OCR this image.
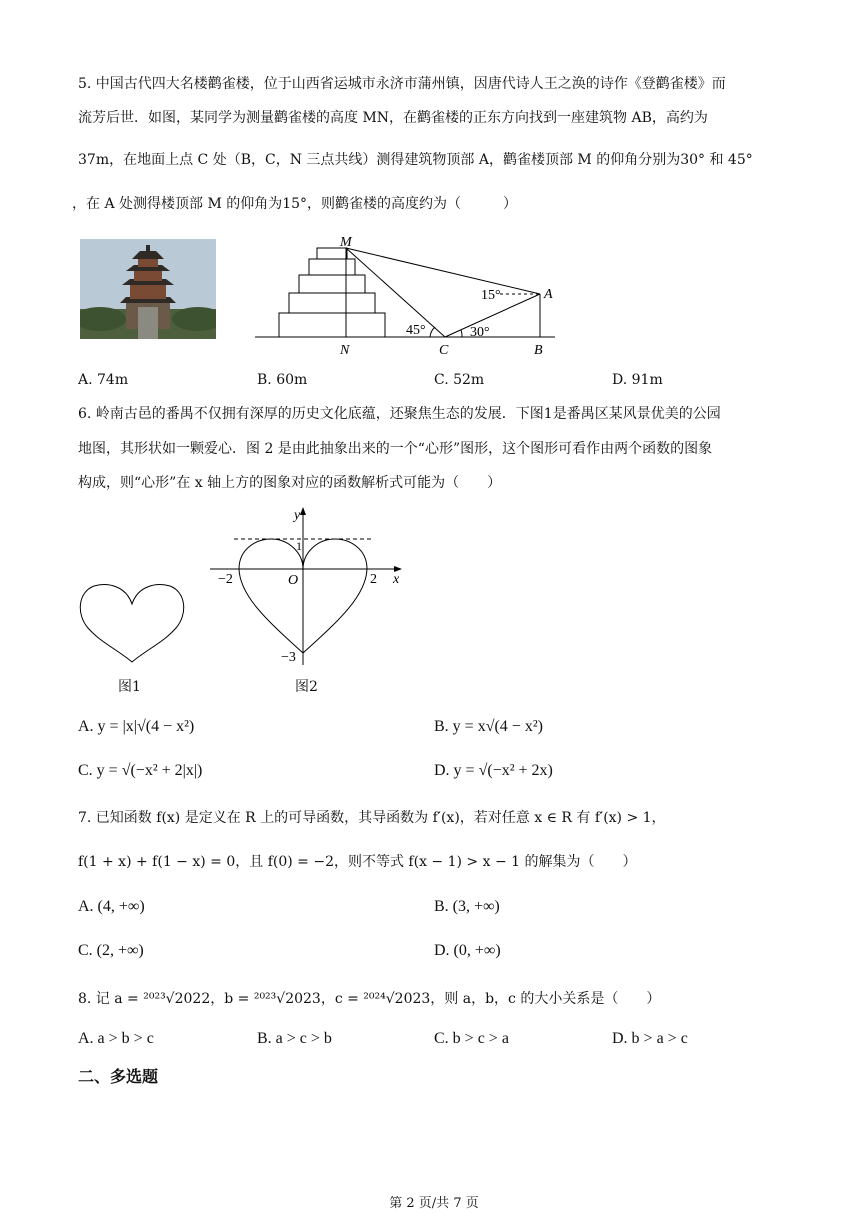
5. 中国古代四大名楼鹳雀楼，位于山西省运城市永济市蒲州镇，因唐代诗人王之涣的诗作《登鹳雀楼》而
流芳后世．如图，某同学为测量鹳雀楼的高度 MN，在鹳雀楼的正东方向找到一座建筑物 AB，高约为
37m，在地面上点 C 处（B，C，N 三点共线）测得建筑物顶部 A，鹳雀楼顶部 M 的仰角分别为30° 和 45°
，在 A 处测得楼顶部 M 的仰角为15°，则鹳雀楼的高度约为（　　　）
M
A
N	C	B
15°
45°	30°
A. 74m	B. 60m	C. 52m	D. 91m
6. 岭南古邑的番禺不仅拥有深厚的历史文化底蕴，还聚焦生态的发展．下图1是番禺区某风景优美的公园
地图，其形状如一颗爱心．图 2 是由此抽象出来的一个“心形”图形，这个图形可看作由两个函数的图象
构成，则“心形”在 x 轴上方的图象对应的函数解析式可能为（　　）
图1
y
x
O
1
−2	2
−3
图2
A. y = |x|√(4 − x²)	B. y = x√(4 − x²)
C. y = √(−x² + 2|x|)	D. y = √(−x² + 2x)
7. 已知函数 f(x) 是定义在 R 上的可导函数，其导函数为 f′(x)，若对任意 x ∈ R 有 f′(x) > 1，
f(1 + x) + f(1 − x) = 0，且 f(0) = −2，则不等式 f(x − 1) > x − 1 的解集为（　　）
A. (4, +∞)	B. (3, +∞)
C. (2, +∞)	D. (0, +∞)
8. 记 a = ²⁰²³√2022，b = ²⁰²³√2023，c = ²⁰²⁴√2023，则 a，b，c 的大小关系是（　　）
A. a > b > c	B. a > c > b	C. b > c > a	D. b > a > c
二、多选题
第 2 页/共 7 页
